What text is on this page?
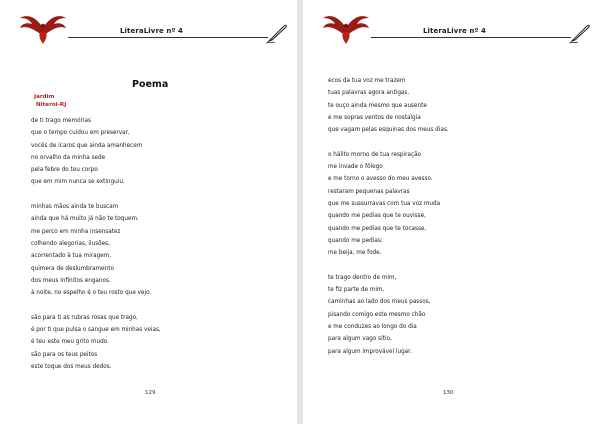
LiteraLivre nº 4
Poema
Jardim
Niteroi-RJ
de ti trago memórias
que o tempo cuidou em preservar,
vocês de ícaros que ainda amanhecem
no orvalho da minha sede
pela febre do teu corpo
que em mim nunca se extinguiu.
minhas mãos ainda te buscam
ainda que há muito já não te toquem.
me perco em minha insensatez
colhendo alegorias, ilusões,
acorrentado à tua miragem,
quimera de deslumbramento
dos meus infinitos enganos.
à noite, no espelho é o teu rosto que vejo.
são para ti as rubras rosas que trago,
é por ti que pulsa o sangue em minhas veias,
é teu este meu grito mudo.
são para os teus peitos
este toque dos meus dedos.
129
LiteraLivre nº 4
ecos da tua voz me trazem
tuas palavras agora antigas.
te ouço ainda mesmo que ausente
e me sopras ventos de nostalgia
que vagam pelas esquinas dos meus dias.
o hálito morno de tua respiração
me invade o fôlego
e me torno o avesso do meu avesso.
restaram pequenas palavras
que me sussurravas com tua voz muda
quando me pedias que te ouvisse,
quando me pedias que te tocasse,
quando me pedias:
me beija, me fode.
te trago dentro de mim,
te fiz parte de mim,
caminhas ao lado dos meus passos,
pisando comigo este mesmo chão
e me conduzes ao longo do dia
para algum vago sítio,
para algum improvável lugar.
130
